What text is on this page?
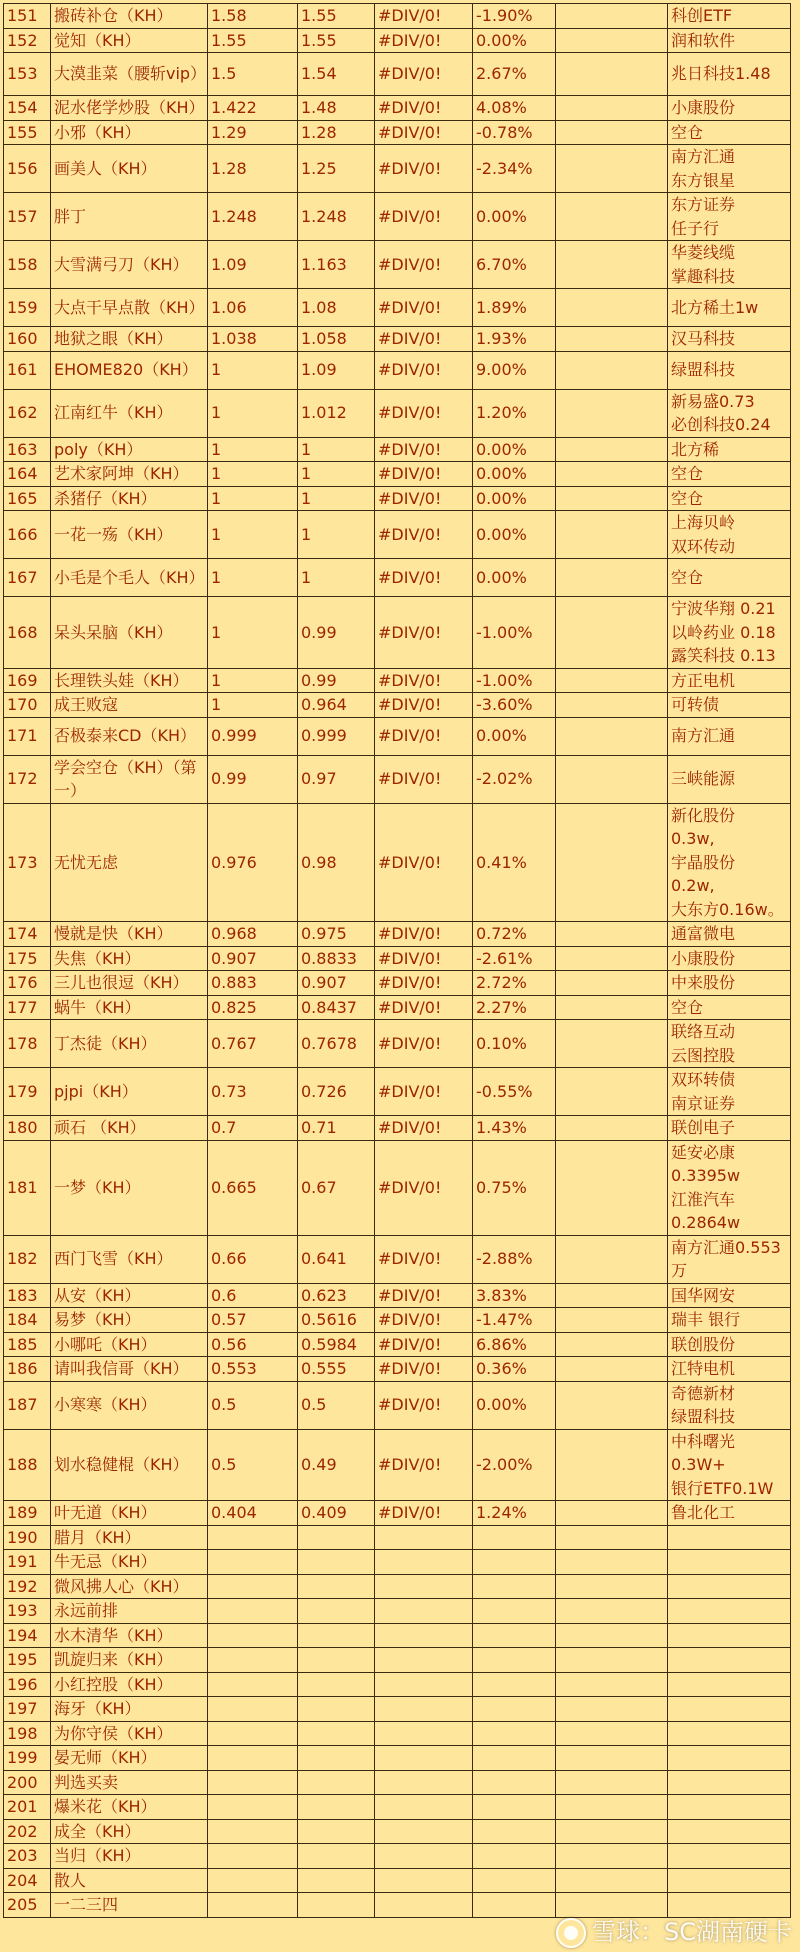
151	搬砖补仓（KH）	1.58	1.55	#DIV/0!	-1.90%		科创ETF

152	觉知（KH）	1.55	1.55	#DIV/0!	0.00%		润和软件

153	大漠韭菜（腰斩vip）	1.5	1.54	#DIV/0!	2.67%		兆日科技1.48

154	泥水佬学炒股（KH）	1.422	1.48	#DIV/0!	4.08%		小康股份

155	小邪（KH）	1.29	1.28	#DIV/0!	-0.78%		空仓

156	画美人（KH）	1.28	1.25	#DIV/0!	-2.34%		南方汇通
东方银星

157	胖丁	1.248	1.248	#DIV/0!	0.00%		东方证券
任子行

158	大雪满弓刀（KH）	1.09	1.163	#DIV/0!	6.70%		华菱线缆
掌趣科技

159	大点干早点散（KH）	1.06	1.08	#DIV/0!	1.89%		北方稀土1w

160	地狱之眼（KH）	1.038	1.058	#DIV/0!	1.93%		汉马科技

161	EHOME820（KH）	1	1.09	#DIV/0!	9.00%		绿盟科技

162	江南红牛（KH）	1	1.012	#DIV/0!	1.20%		新易盛0.73
必创科技0.24

163	poly（KH）	1	1	#DIV/0!	0.00%		北方稀

164	艺术家阿坤（KH）	1	1	#DIV/0!	0.00%		空仓

165	杀猪仔（KH）	1	1	#DIV/0!	0.00%		空仓

166	一花一殇（KH）	1	1	#DIV/0!	0.00%		上海贝岭
双环传动

167	小毛是个毛人（KH）	1	1	#DIV/0!	0.00%		空仓

168	呆头呆脑（KH）	1	0.99	#DIV/0!	-1.00%		宁波华翔 0.21
以岭药业 0.18
露笑科技 0.13

169	长理铁头娃（KH）	1	0.99	#DIV/0!	-1.00%		方正电机

170	成王败寇	1	0.964	#DIV/0!	-3.60%		可转债

171	否极泰来CD（KH）	0.999	0.999	#DIV/0!	0.00%		南方汇通

172	学会空仓（KH）（第一）	0.99	0.97	#DIV/0!	-2.02%		三峡能源

173	无忧无虑	0.976	0.98	#DIV/0!	0.41%		新化股份
0.3w,
宇晶股份
0.2w,
大东方0.16w。

174	慢就是快（KH）	0.968	0.975	#DIV/0!	0.72%		通富微电

175	失焦（KH）	0.907	0.8833	#DIV/0!	-2.61%		小康股份

176	三儿也很逗（KH）	0.883	0.907	#DIV/0!	2.72%		中来股份

177	蜗牛（KH）	0.825	0.8437	#DIV/0!	2.27%		空仓

178	丁杰徒（KH）	0.767	0.7678	#DIV/0!	0.10%		联络互动
云图控股

179	pjpi（KH）	0.73	0.726	#DIV/0!	-0.55%		双环转债
南京证券

180	顽石 （KH）	0.7	0.71	#DIV/0!	1.43%		联创电子

181	一梦（KH）	0.665	0.67	#DIV/0!	0.75%		延安必康
0.3395w
江淮汽车
0.2864w

182	西门飞雪（KH）	0.66	0.641	#DIV/0!	-2.88%		南方汇通0.553
万

183	从安（KH）	0.6	0.623	#DIV/0!	3.83%		国华网安

184	易梦（KH）	0.57	0.5616	#DIV/0!	-1.47%		瑞丰 银行

185	小哪吒（KH）	0.56	0.5984	#DIV/0!	6.86%		联创股份

186	请叫我信哥（KH）	0.553	0.555	#DIV/0!	0.36%		江特电机

187	小寒寒（KH）	0.5	0.5	#DIV/0!	0.00%		奇德新材
绿盟科技

188	划水稳健棍（KH）	0.5	0.49	#DIV/0!	-2.00%		中科曙光
0.3W+
银行ETF0.1W

189	叶无道（KH）	0.404	0.409	#DIV/0!	1.24%		鲁北化工

190	腊月（KH）						
191	牛无忌（KH）						
192	微风拂人心（KH）						
193	永远前排						
194	水木清华（KH）						
195	凯旋归来（KH）						
196	小红控股（KH）						
197	海牙（KH）						
198	为你守侯（KH）						
199	晏无师（KH）						
200	判选买卖						
201	爆米花（KH）						
202	成全（KH）						
203	当归（KH）						
204	散人						
205	一二三四						
雪球：SC湖南硬卡
